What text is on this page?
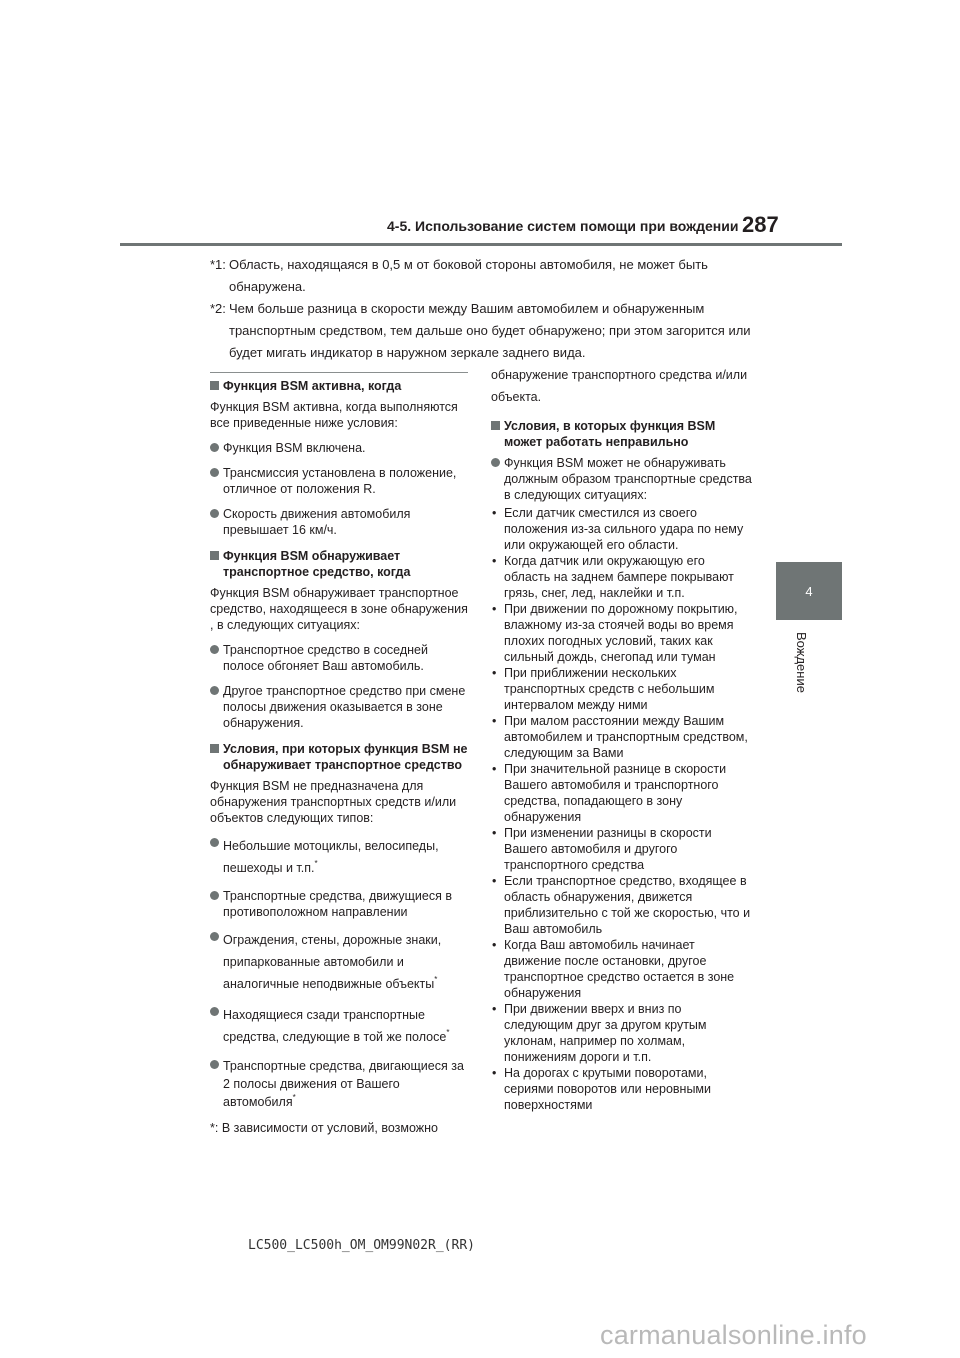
4-5. Использование систем помощи при вождении 287
4
Вождение
*1: Область, находящаяся в 0,5 м от боковой стороны автомобиля, не может быть обнаружена.
*2: Чем больше разница в скорости между Вашим автомобилем и обнаруженным транспортным средством, тем дальше оно будет обнаружено; при этом загорится или будет мигать индикатор в наружном зеркале заднего вида.
Функция BSM активна, когда
Функция BSM активна, когда выполняются все приведенные ниже условия:
Функция BSM включена.
Трансмиссия установлена в положение, отличное от положения R.
Скорость движения автомобиля превышает 16 км/ч.
Функция BSM обнаруживает транспортное средство, когда
Функция BSM обнаруживает транспортное средство, находящееся в зоне обнаружения , в следующих ситуациях:
Транспортное средство в соседней полосе обгоняет Ваш автомобиль.
Другое транспортное средство при смене полосы движения оказывается в зоне обнаружения.
Условия, при которых функция BSM не обнаруживает транспортное средство
Функция BSM не предназначена для обнаружения транспортных средств и/или объектов следующих типов:
Небольшие мотоциклы, велосипеды, пешеходы и т.п.*
Транспортные средства, движущиеся в противоположном направлении
Ограждения, стены, дорожные знаки, припаркованные автомобили и аналогичные неподвижные объекты*
Находящиеся сзади транспортные средства, следующие в той же полосе*
Транспортные средства, двигающиеся за 2 полосы движения от Вашего автомобиля*
*: В зависимости от условий, возможно
обнаружение транспортного средства и/или объекта.
Условия, в которых функция BSM может работать неправильно
Функция BSM может не обнаруживать должным образом транспортные средства в следующих ситуациях:
• Если датчик сместился из своего положения из-за сильного удара по нему или окружающей его области.
• Когда датчик или окружающую его область на заднем бампере покрывают грязь, снег, лед, наклейки и т.п.
• При движении по дорожному покрытию, влажному из-за стоячей воды во время плохих погодных условий, таких как сильный дождь, снегопад или туман
• При приближении нескольких транспортных средств с небольшим интервалом между ними
• При малом расстоянии между Вашим автомобилем и транспортным средством, следующим за Вами
• При значительной разнице в скорости Вашего автомобиля и транспортного средства, попадающего в зону обнаружения
• При изменении разницы в скорости Вашего автомобиля и другого транспортного средства
• Если транспортное средство, входящее в область обнаружения, движется приблизительно с той же скоростью, что и Ваш автомобиль
• Когда Ваш автомобиль начинает движение после остановки, другое транспортное средство остается в зоне обнаружения
• При движении вверх и вниз по следующим друг за другом крутым уклонам, например по холмам, понижениям дороги и т.п.
• На дорогах с крутыми поворотами, сериями поворотов или неровными поверхностями
LC500_LC500h_OM_OM99N02R_(RR)
carmanualsonline.info
